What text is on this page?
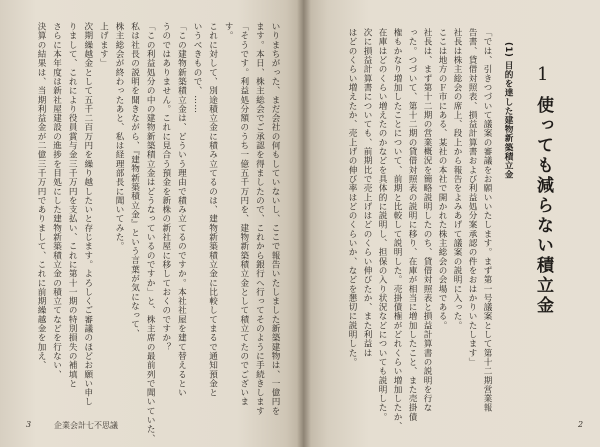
いりまちがった、まだ会社の何もしていないし、ここで報告いたしました新築建物は、一億円を
ます。本日、株主総会でご承認を得ましたので、これから銀行へ行ってそのように手続きします
「そうです。利益処分額のうち一億五千万円を、建物新築積立金として積立てたのでございま
す。
これに対して、別途積立金に積み立てるのは、建物新築積立金に比較してまるで通知預金と
いうべきもので、……
「この建物新築積立金は、どういう理由で積み立てるのですか。本社社屋を建て替えるとい
うのではありません。これに見合う預金を新株の新社屋に移しておくのですか？
「この利益処分の中の建物新築積立金はどうなっているのですか」と、株主席の最前列で聞いていた、
私は社長の説明を聞きながら、『建物新築積立金』という言葉が気になって、
株主総会が終わったあと、私は経理部長に聞いてみた。
上げます」
次期繰越金として五千二百万円を繰り越したいと存じます。よろしくご審議のほどお願い申し
りまして、これにより役員賞与金三千万円を支払い、これに第十一期の特別損失の補填と
さらに本年度は新社屋建設の進捗を目処にした建物新築積立金の積立てなどを行ない、
決算の結果は、当期利益金が二億三千万円でありまして、これに前期繰越金を加え、
3	企業会計七不思議
1
使っても減らない積立金
(1) 目的を達した建物新築積立金
「では、引きつづいて議案の審議をお願いいたします。まず第一号議案として第十二期営業報
告書、貸借対照表、損益計算書および利益処分案承認の件をおはかりいたします」
社長は株主総会の席上、段上から報告をよみあげて議案の説明に入った。
ここは地方のＦ市にある、某社の本社で開かれた株主総会の会場である。
社長は、まず第十二期の営業概況を簡略説明したのち、貸借対照表と損益計算書の説明を行な
った。つづいて、第十二期の貸借対照表の説明に移り、在庫が相当に増加したこと、また売掛債
権もかなり増加したことについて、前期と比較して説明した。売掛債権がどれくらい増加したか、
在庫はどのくらい増えたのかなどを具体的に説明し、担保の入り状況などについても説明した。
次に損益計算書についても、前期比で売上げはどのくらい伸びたか、また利益は
はどのくらい増えたか、売上げの伸び率はどのくらいか、などを懇切に説明した。
2
